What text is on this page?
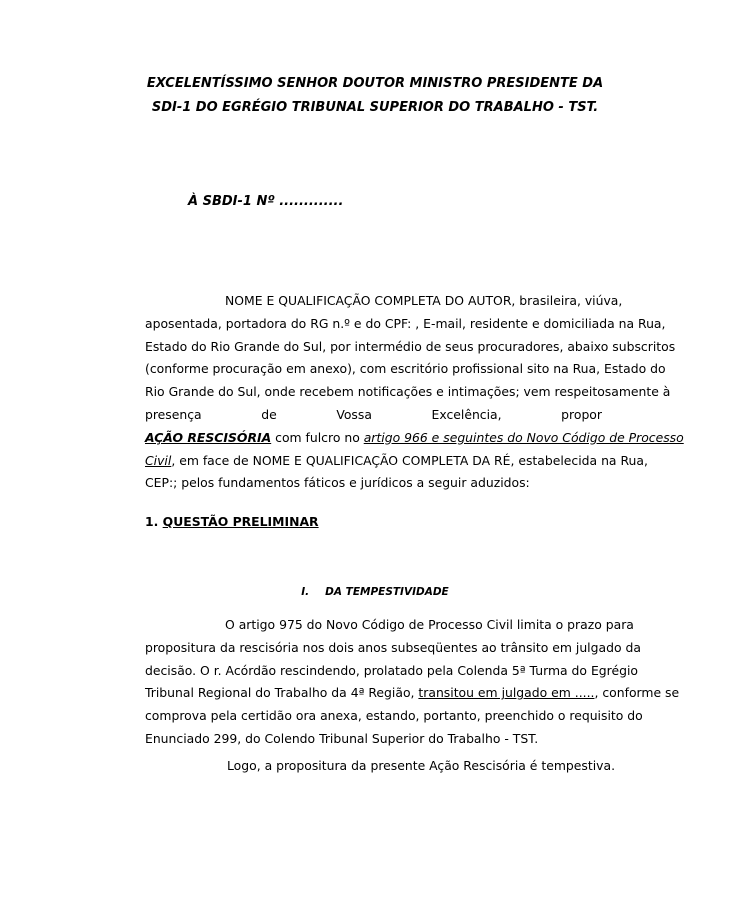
EXCELENTÍSSIMO SENHOR DOUTOR MINISTRO PRESIDENTE DA
SDI-1 DO EGRÉGIO TRIBUNAL SUPERIOR DO TRABALHO - TST.
À SBDI-1 Nº .............
NOME E QUALIFICAÇÃO COMPLETA DO AUTOR, brasileira, viúva,
aposentada, portadora do RG n.º e do CPF: , E-mail, residente e domiciliada na Rua,
Estado do Rio Grande do Sul, por intermédio de seus procuradores, abaixo subscritos
(conforme procuração em anexo), com escritório profissional sito na Rua, Estado do
Rio Grande do Sul, onde recebem notificações e intimações; vem respeitosamente à
presença	de	Vossa	Excelência,	propor
AÇÃO RESCISÓRIA com fulcro no artigo 966 e seguintes do Novo Código de Processo
Civil, em face de NOME E QUALIFICAÇÃO COMPLETA DA RÉ, estabelecida na Rua,
CEP:; pelos fundamentos fáticos e jurídicos a seguir aduzidos:
1. QUESTÃO PRELIMINAR
I. DA TEMPESTIVIDADE
O artigo 975 do Novo Código de Processo Civil limita o prazo para
propositura da rescisória nos dois anos subseqüentes ao trânsito em julgado da
decisão. O r. Acórdão rescindendo, prolatado pela Colenda 5ª Turma do Egrégio
Tribunal Regional do Trabalho da 4ª Região, transitou em julgado em ....., conforme se
comprova pela certidão ora anexa, estando, portanto, preenchido o requisito do
Enunciado 299, do Colendo Tribunal Superior do Trabalho - TST.
Logo, a propositura da presente Ação Rescisória é tempestiva.
